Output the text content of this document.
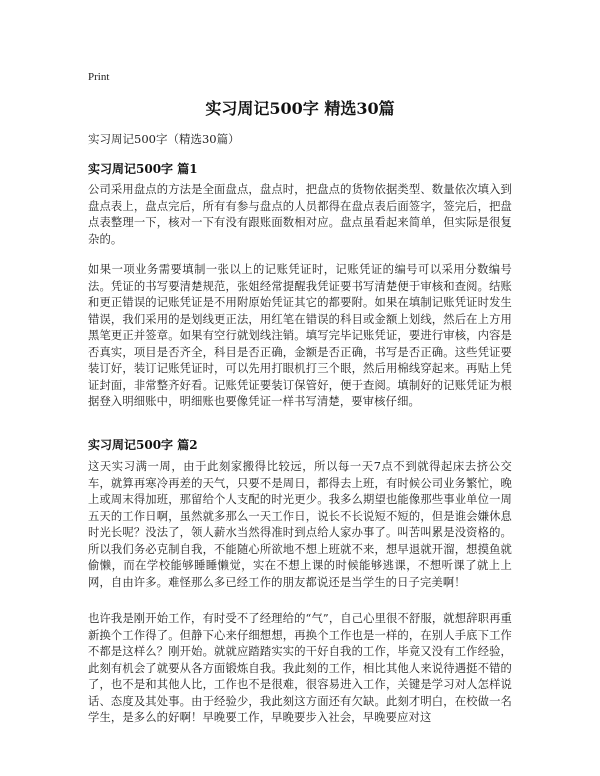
Print
实习周记500字 精选30篇
实习周记500字（精选30篇）
实习周记500字 篇1
公司采用盘点的方法是全面盘点，盘点时，把盘点的货物依据类型、数量依次填入到盘点表上，盘点完后，所有有参与盘点的人员都得在盘点表后面签字，签完后，把盘点表整理一下，核对一下有没有跟账面数相对应。盘点虽看起来简单，但实际是很复杂的。
如果一项业务需要填制一张以上的记账凭证时，记账凭证的编号可以采用分数编号法。凭证的书写要清楚规范，张姐经常提醒我凭证要书写清楚便于审核和查阅。结账和更正错误的记账凭证是不用附原始凭证其它的都要附。如果在填制记账凭证时发生错误，我们采用的是划线更正法，用红笔在错误的科目或金额上划线，然后在上方用黑笔更正并签章。如果有空行就划线注销。填写完毕记账凭证，要进行审核，内容是否真实，项目是否齐全，科目是否正确，金额是否正确，书写是否正确。这些凭证要装订好，装订记账凭证时，可以先用打眼机打三个眼，然后用棉线穿起来。再贴上凭证封面，非常整齐好看。记账凭证要装订保管好，便于查阅。填制好的记账凭证为根据登入明细账中，明细账也要像凭证一样书写清楚，要审核仔细。
实习周记500字 篇2
这天实习满一周，由于此刻家搬得比较远，所以每一天7点不到就得起床去挤公交车，就算再寒冷再差的天气，只要不是周日，都得去上班，有时候公司业务繁忙，晚上或周末得加班，那留给个人支配的时光更少。我多么期望也能像那些事业单位一周五天的工作日啊，虽然就多那么一天工作日，说长不长说短不短的，但是谁会嫌休息时光长呢？没法了，领人薪水当然得准时到点给人家办事了。叫苦叫累是没资格的。所以我们务必克制自我，不能随心所欲地不想上班就不来，想早退就开溜，想摸鱼就偷懒，而在学校能够睡睡懒觉，实在不想上课的时候能够逃课，不想听课了就上上网，自由许多。难怪那么多已经工作的朋友都说还是当学生的日子完美啊！
也许我是刚开始工作，有时受不了经理给的“气”，自己心里很不舒服，就想辞职再重新换个工作得了。但静下心来仔细想想，再换个工作也是一样的，在别人手底下工作不都是这样么？刚开始。就就应踏踏实实的干好自我的工作，毕竟又没有工作经验，此刻有机会了就要从各方面锻炼自我。我此刻的工作，相比其他人来说待遇挺不错的了，也不是和其他人比，工作也不是很难，很容易进入工作，关键是学习对人怎样说话、态度及其处事。由于经验少，我此刻这方面还有欠缺。此刻才明白，在校做一名学生，是多么的好啊！早晚要工作，早晚要步入社会，早晚要应对这
